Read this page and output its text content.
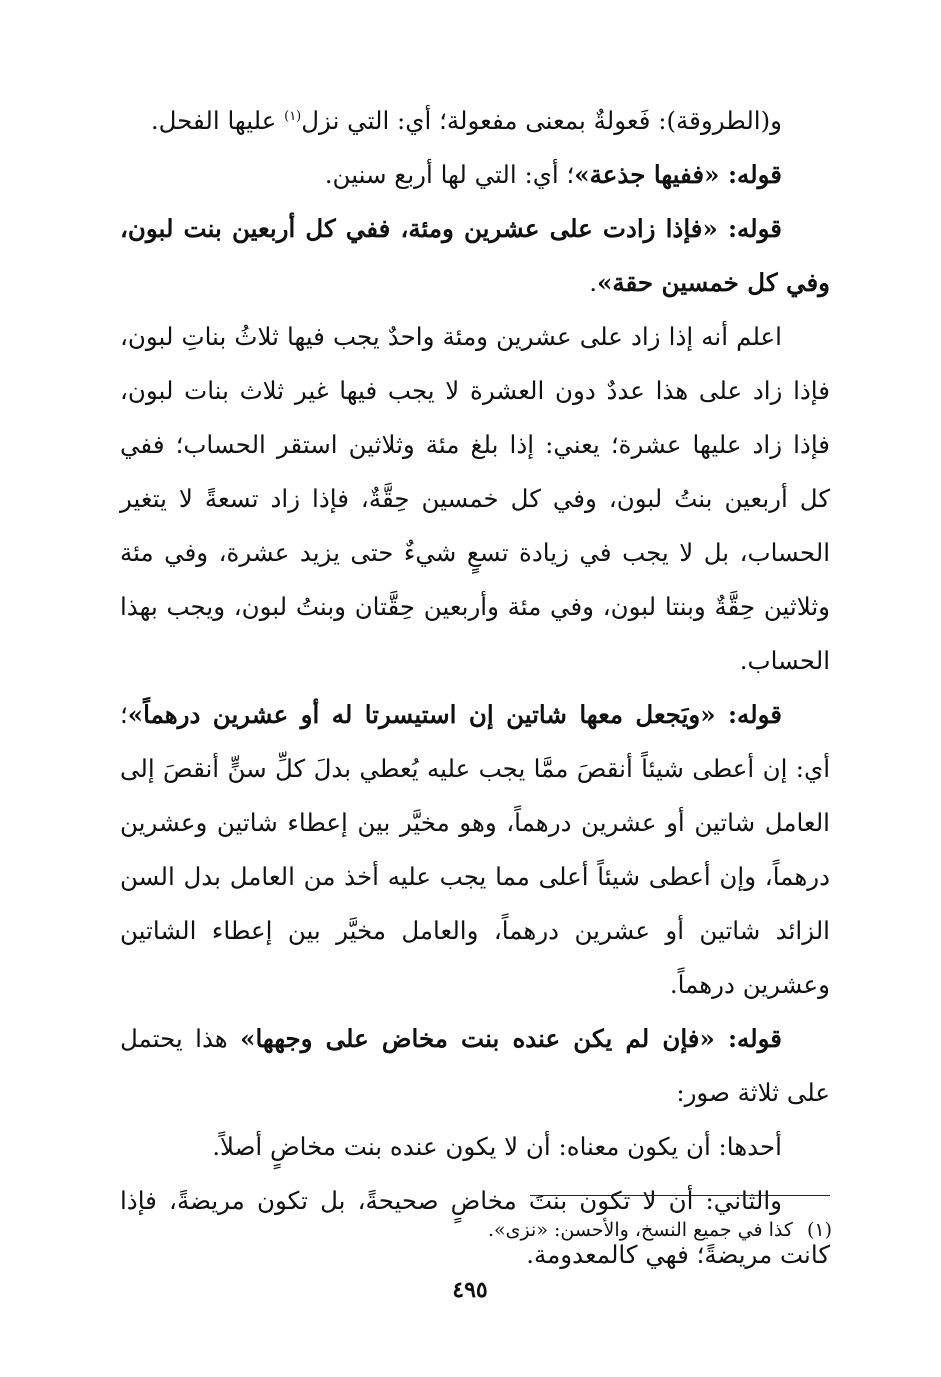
و(الطروقة): فَعولةٌ بمعنى مفعولة؛ أي: التي نزل$^{(١)}$ عليها الفحل.

قوله: «ففيها جذعة»؛ أي: التي لها أربع سنين.

قوله: «فإذا زادت على عشرين ومئة، ففي كل أربعين بنت لبون، وفي كل خمسين حقة».

اعلم أنه إذا زاد على عشرين ومئة واحدٌ يجب فيها ثلاثُ بناتِ لبون، فإذا زاد على هذا عددٌ دون العشرة لا يجب فيها غير ثلاث بنات لبون، فإذا زاد عليها عشرة؛ يعني: إذا بلغ مئة وثلاثين استقر الحساب؛ ففي كل أربعين بنتُ لبون، وفي كل خمسين حِقَّةٌ، فإذا زاد تسعةً لا يتغير الحساب، بل لا يجب في زيادة تسعٍ شيءٌ حتى يزيد عشرة، وفي مئة وثلاثين حِقَّةٌ وبنتا لبون، وفي مئة وأربعين حِقَّتان وبنتُ لبون، ويجب بهذا الحساب.

قوله: «ويَجعل معها شاتين إن استيسرتا له أو عشرين درهماً»؛ أي: إن أعطى شيئاً أنقصَ ممَّا يجب عليه يُعطي بدلَ كلِّ سنٍّ أنقصَ إلى العامل شاتين أو عشرين درهماً، وهو مخيَّر بين إعطاء شاتين وعشرين درهماً، وإن أعطى شيئاً أعلى مما يجب عليه أخذ من العامل بدل السن الزائد شاتين أو عشرين درهماً، والعامل مخيَّر بين إعطاء الشاتين وعشرين درهماً.

قوله: «فإن لم يكن عنده بنت مخاض على وجهها» هذا يحتمل على ثلاثة صور:

أحدها: أن يكون معناه: أن لا يكون عنده بنت مخاضٍ أصلاً.

والثاني: أن لا تكون بنتَ مخاضٍ صحيحةً، بل تكون مريضةً، فإذا كانت مريضةً؛ فهي كالمعدومة.

(١)كذا في جميع النسخ، والأحسن: «نزى».
٤٩٥
